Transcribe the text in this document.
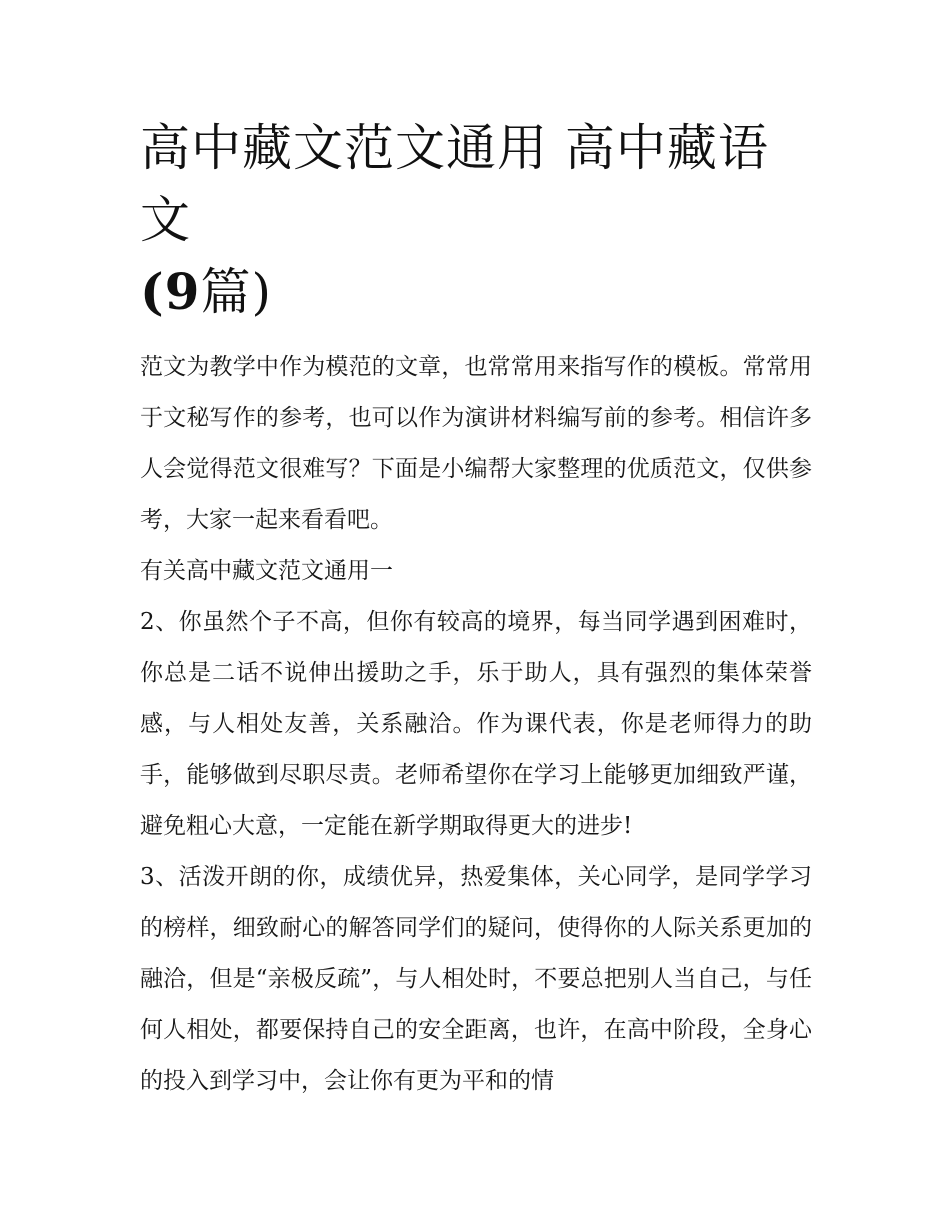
高中藏文范文通用 高中藏语文
(9篇)

范文为教学中作为模范的文章，也常常用来指写作的模板。常常用于文秘写作的参考，也可以作为演讲材料编写前的参考。相信许多人会觉得范文很难写？下面是小编帮大家整理的优质范文，仅供参考，大家一起来看看吧。

有关高中藏文范文通用一

2、你虽然个子不高，但你有较高的境界，每当同学遇到困难时，你总是二话不说伸出援助之手，乐于助人，具有强烈的集体荣誉感，与人相处友善，关系融洽。作为课代表，你是老师得力的助手，能够做到尽职尽责。老师希望你在学习上能够更加细致严谨，避免粗心大意，一定能在新学期取得更大的进步!

3、活泼开朗的你，成绩优异，热爱集体，关心同学，是同学学习的榜样，细致耐心的解答同学们的疑问，使得你的人际关系更加的融洽，但是“亲极反疏”，与人相处时，不要总把别人当自己，与任何人相处，都要保持自己的安全距离，也许，在高中阶段，全身心的投入到学习中，会让你有更为平和的情
